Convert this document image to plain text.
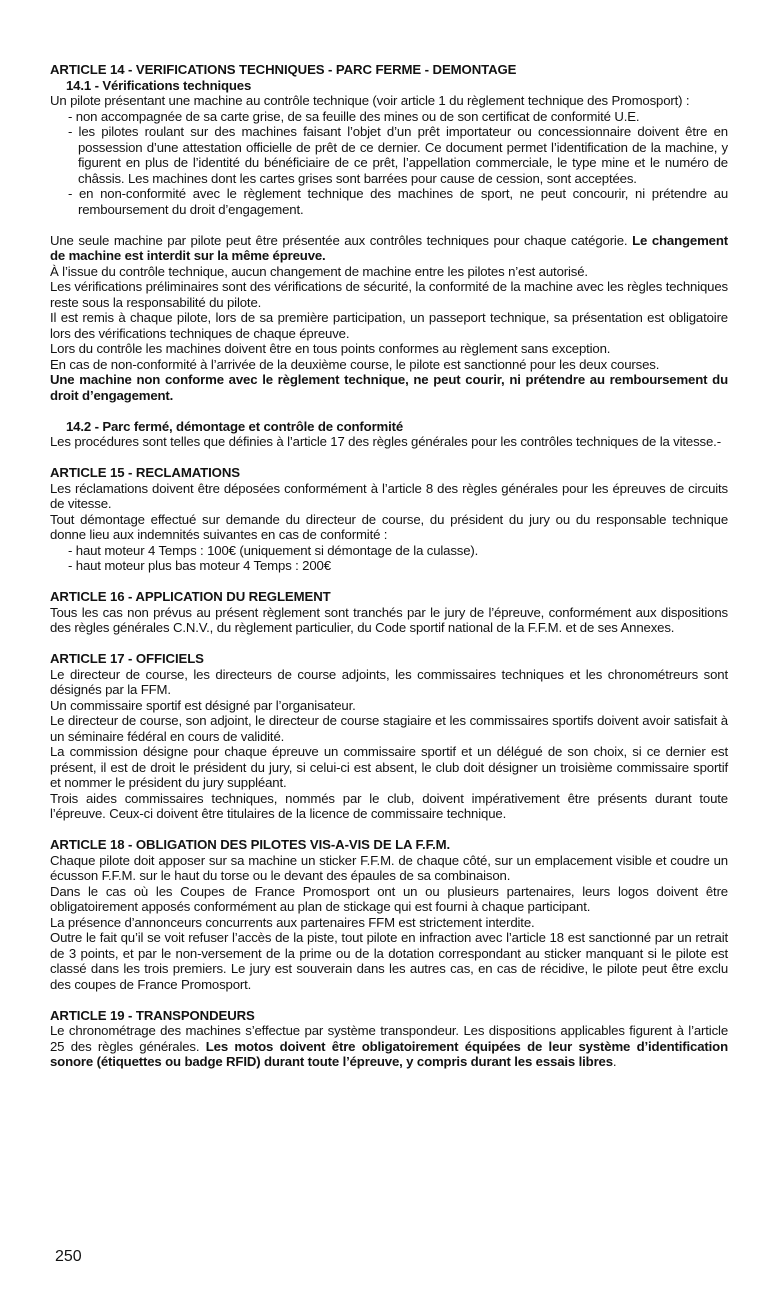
ARTICLE 14 - VERIFICATIONS TECHNIQUES - PARC FERME - DEMONTAGE
14.1 - Vérifications techniques
Un pilote présentant une machine au contrôle technique (voir article 1 du règlement technique des Promosport) :
- non accompagnée de sa carte grise, de sa feuille des mines ou de son certificat de conformité U.E.
- les pilotes roulant sur des machines faisant l’objet d’un prêt importateur ou concessionnaire doivent être en possession d’une attestation officielle de prêt de ce dernier. Ce document permet l’identification de la machine, y figurent en plus de l’identité du bénéficiaire de ce prêt, l’appellation commerciale, le type mine et le numéro de châssis. Les machines dont les cartes grises sont barrées pour cause de cession, sont acceptées.
- en non-conformité avec le règlement technique des machines de sport, ne peut concourir, ni prétendre au remboursement du droit d’engagement.
Une seule machine par pilote peut être présentée aux contrôles techniques pour chaque catégorie. Le changement de machine est interdit sur la même épreuve.
À l’issue du contrôle technique, aucun changement de machine entre les pilotes n’est autorisé.
Les vérifications préliminaires sont des vérifications de sécurité, la conformité de la machine avec les règles techniques reste sous la responsabilité du pilote.
Il est remis à chaque pilote, lors de sa première participation, un passeport technique, sa présentation est obligatoire lors des vérifications techniques de chaque épreuve.
Lors du contrôle les machines doivent être en tous points conformes au règlement sans exception.
En cas de non-conformité à l’arrivée de la deuxième course, le pilote est sanctionné pour les deux courses.
Une machine non conforme avec le règlement technique, ne peut courir, ni prétendre au remboursement du droit d’engagement.
14.2 - Parc fermé, démontage et contrôle de conformité
Les procédures sont telles que définies à l’article 17 des règles générales pour les contrôles techniques de la vitesse.-
ARTICLE 15 - RECLAMATIONS
Les réclamations doivent être déposées conformément à l’article 8 des règles générales pour les épreuves de circuits de vitesse.
Tout démontage effectué sur demande du directeur de course, du président du jury ou du responsable technique donne lieu aux indemnités suivantes en cas de conformité :
- haut moteur 4 Temps : 100€ (uniquement si démontage de la culasse).
- haut moteur plus bas moteur 4 Temps : 200€
ARTICLE 16 - APPLICATION DU REGLEMENT
Tous les cas non prévus au présent règlement sont tranchés par le jury de l’épreuve, conformément aux dispositions des règles générales C.N.V., du règlement particulier, du Code sportif national de la F.F.M. et de ses Annexes.
ARTICLE 17 - OFFICIELS
Le directeur de course, les directeurs de course adjoints, les commissaires techniques et les chronométreurs sont désignés par la FFM.
Un commissaire sportif est désigné par l’organisateur.
Le directeur de course, son adjoint, le directeur de course stagiaire et les commissaires sportifs doivent avoir satisfait à un séminaire fédéral en cours de validité.
La commission désigne pour chaque épreuve un commissaire sportif et un délégué de son choix, si ce dernier est présent, il est de droit le président du jury, si celui-ci est absent, le club doit désigner un troisième commissaire sportif et nommer le président du jury suppléant.
Trois aides commissaires techniques, nommés par le club, doivent impérativement être présents durant toute l’épreuve. Ceux-ci doivent être titulaires de la licence de commissaire technique.
ARTICLE 18 - OBLIGATION DES PILOTES VIS-A-VIS DE LA F.F.M.
Chaque pilote doit apposer sur sa machine un sticker F.F.M. de chaque côté, sur un emplacement visible et coudre un écusson F.F.M. sur le haut du torse ou le devant des épaules de sa combinaison.
Dans le cas où les Coupes de France Promosport ont un ou plusieurs partenaires, leurs logos doivent être obligatoirement apposés conformément au plan de stickage qui est fourni à chaque participant.
La présence d’annonceurs concurrents aux partenaires FFM est strictement interdite.
Outre le fait qu’il se voit refuser l’accès de la piste, tout pilote en infraction avec l’article 18 est sanctionné par un retrait de 3 points, et par le non-versement de la prime ou de la dotation correspondant au sticker manquant si le pilote est classé dans les trois premiers. Le jury est souverain dans les autres cas, en cas de récidive, le pilote peut être exclu des coupes de France Promosport.
ARTICLE 19 - TRANSPONDEURS
Le chronométrage des machines s’effectue par système transpondeur. Les dispositions applicables figurent à l’article 25 des règles générales. Les motos doivent être obligatoirement équipées de leur système d’identification sonore (étiquettes ou badge RFID) durant toute l’épreuve, y compris durant les essais libres.
250
